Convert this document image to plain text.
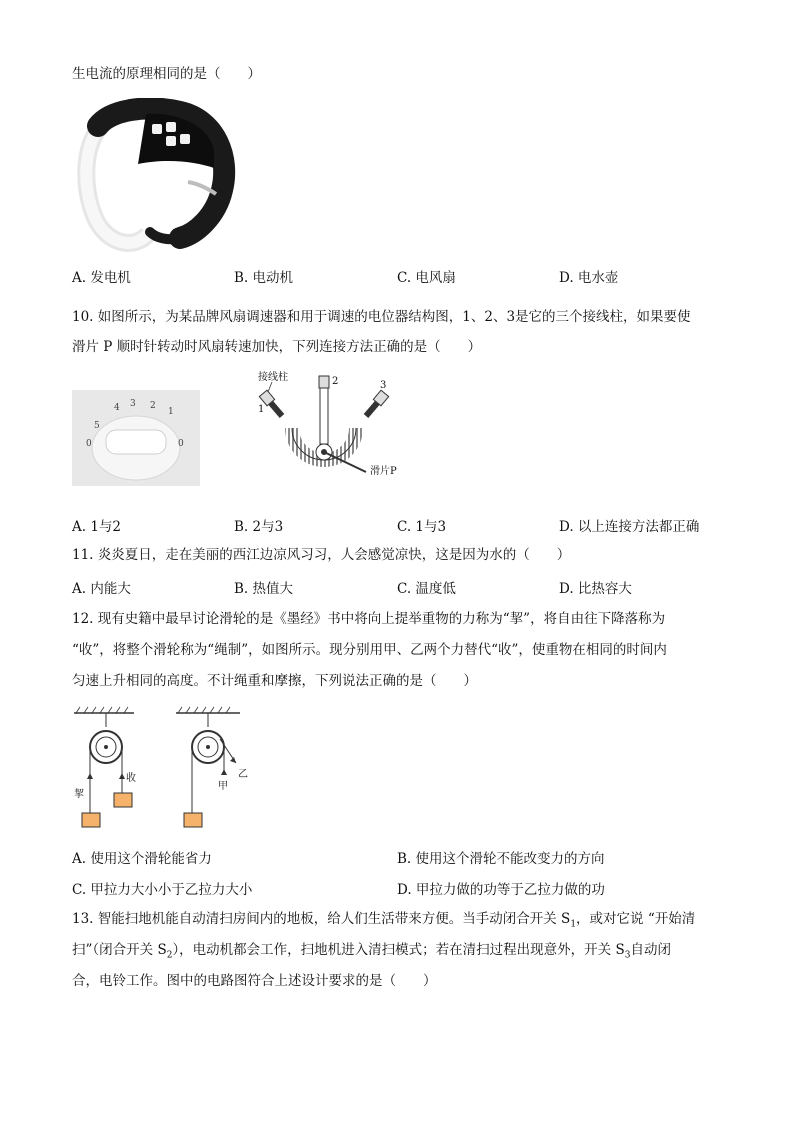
生电流的原理相同的是（　　）
A. 发电机	B. 电动机	C. 电风扇	D. 电水壶
10. 如图所示，为某品牌风扇调速器和用于调速的电位器结构图，1、2、3是它的三个接线柱，如果要使
滑片 P 顺时针转动时风扇转速加快，下列连接方法正确的是（　　）
4 3 2
1
5
0	0
接线柱
1
2	3
滑片P
A. 1与2	B. 2与3	C. 1与3	D. 以上连接方法都正确
11. 炎炎夏日，走在美丽的西江边凉风习习，人会感觉凉快，这是因为水的（　　）
A. 内能大	B. 热值大	C. 温度低	D. 比热容大
12. 现有史籍中最早讨论滑轮的是《墨经》书中将向上提举重物的力称为“挈”，将自由往下降落称为
“收”，将整个滑轮称为“绳制”，如图所示。现分别用甲、乙两个力替代“收”，使重物在相同的时间内
匀速上升相同的高度。不计绳重和摩擦，下列说法正确的是（　　）
挈
收	乙
甲
A. 使用这个滑轮能省力	B. 使用这个滑轮不能改变力的方向
C. 甲拉力大小小于乙拉力大小	D. 甲拉力做的功等于乙拉力做的功
13. 智能扫地机能自动清扫房间内的地板，给人们生活带来方便。当手动闭合开关 $S_1$，或对它说 “开始清
扫”（闭合开关 $S_2$），电动机都会工作，扫地机进入清扫模式；若在清扫过程出现意外，开关 $S_3$自动闭
合，电铃工作。图中的电路图符合上述设计要求的是（　　）
